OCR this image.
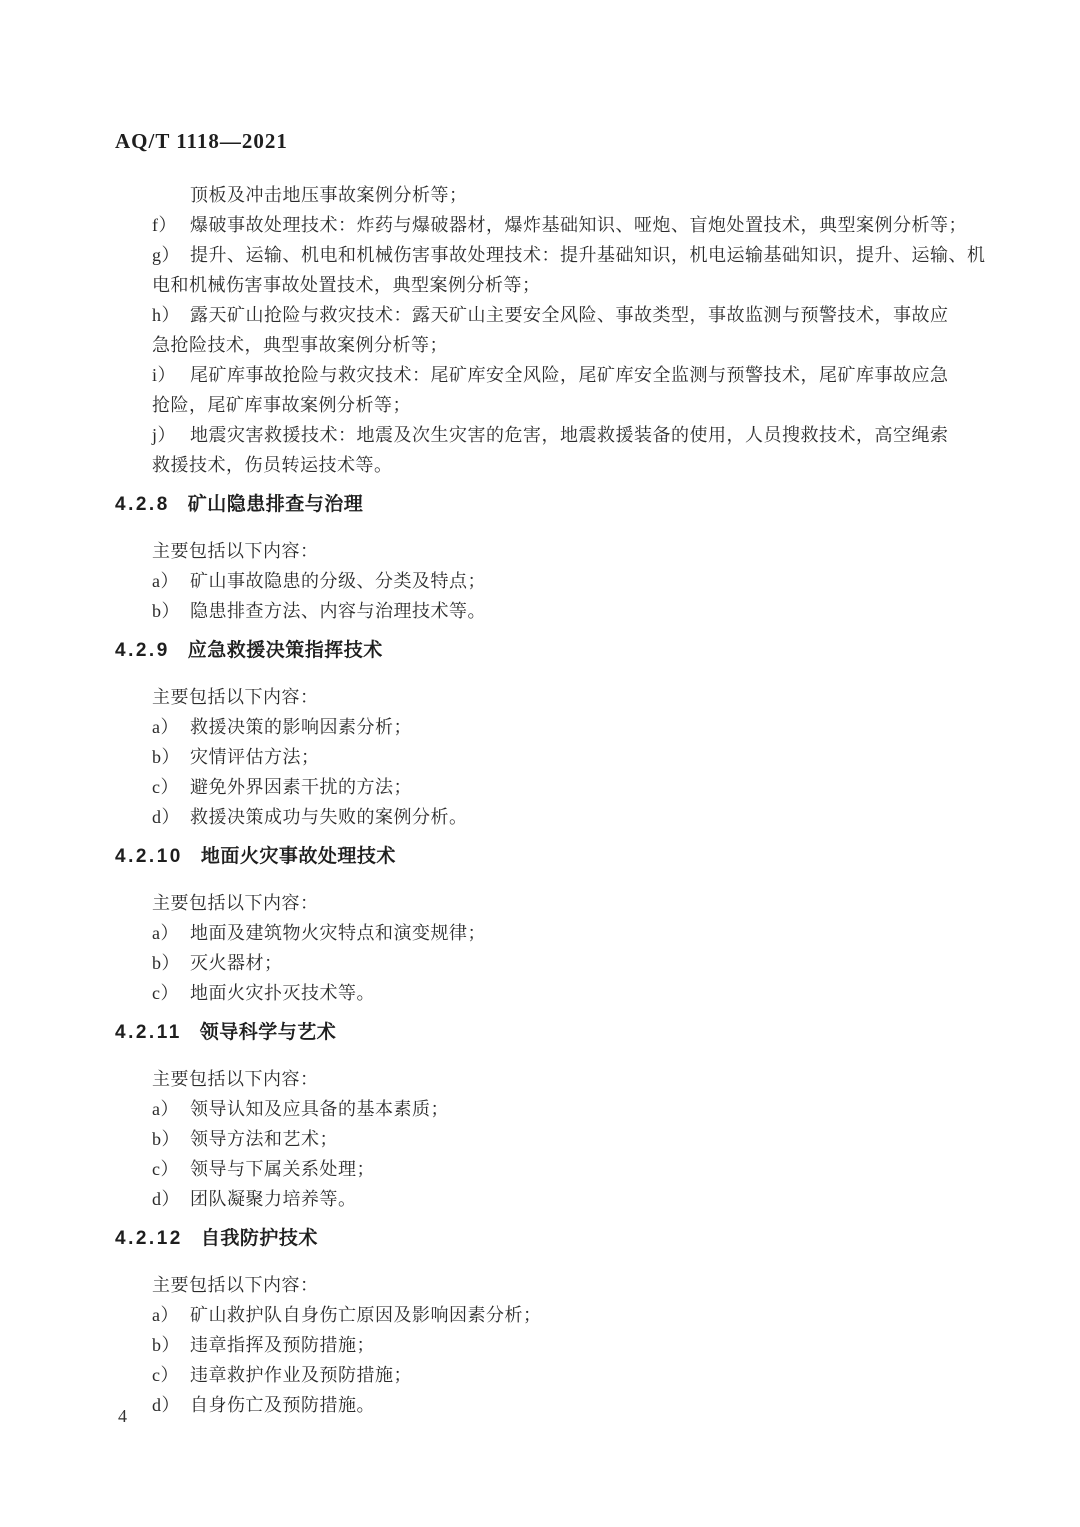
AQ/T 1118—2021
顶板及冲击地压事故案例分析等；
f） 爆破事故处理技术：炸药与爆破器材，爆炸基础知识、哑炮、盲炮处置技术，典型案例分析等；
g） 提升、运输、机电和机械伤害事故处理技术：提升基础知识，机电运输基础知识，提升、运输、机
电和机械伤害事故处置技术，典型案例分析等；
h） 露天矿山抢险与救灾技术：露天矿山主要安全风险、事故类型，事故监测与预警技术，事故应
急抢险技术，典型事故案例分析等；
i） 尾矿库事故抢险与救灾技术：尾矿库安全风险，尾矿库安全监测与预警技术，尾矿库事故应急
抢险，尾矿库事故案例分析等；
j） 地震灾害救援技术：地震及次生灾害的危害，地震救援装备的使用，人员搜救技术，高空绳索
救援技术，伤员转运技术等。
4.2.8 矿山隐患排查与治理
主要包括以下内容：
a） 矿山事故隐患的分级、分类及特点；
b） 隐患排查方法、内容与治理技术等。
4.2.9 应急救援决策指挥技术
主要包括以下内容：
a） 救援决策的影响因素分析；
b） 灾情评估方法；
c） 避免外界因素干扰的方法；
d） 救援决策成功与失败的案例分析。
4.2.10 地面火灾事故处理技术
主要包括以下内容：
a） 地面及建筑物火灾特点和演变规律；
b） 灭火器材；
c） 地面火灾扑灭技术等。
4.2.11 领导科学与艺术
主要包括以下内容：
a） 领导认知及应具备的基本素质；
b） 领导方法和艺术；
c） 领导与下属关系处理；
d） 团队凝聚力培养等。
4.2.12 自我防护技术
主要包括以下内容：
a） 矿山救护队自身伤亡原因及影响因素分析；
b） 违章指挥及预防措施；
c） 违章救护作业及预防措施；
d） 自身伤亡及预防措施。
4
